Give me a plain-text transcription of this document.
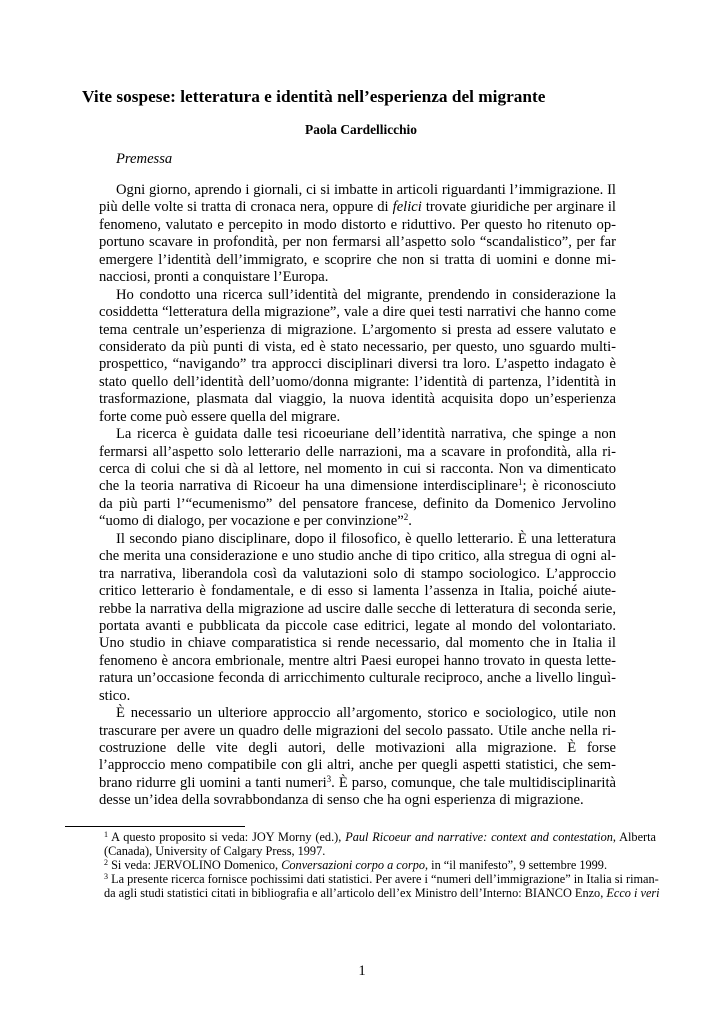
Vite sospese: letteratura e identità nell’esperienza del migrante
Paola Cardellicchio
Premessa
Ogni giorno, aprendo i giornali, ci si imbatte in articoli riguardanti l’immigrazione. Il
più delle volte si tratta di cronaca nera, oppure di felici trovate giuridiche per arginare il
fenomeno, valutato e percepito in modo distorto e riduttivo. Per questo ho ritenuto op-
portuno scavare in profondità, per non fermarsi all’aspetto solo “scandalistico”, per far
emergere l’identità dell’immigrato, e scoprire che non si tratta di uomini e donne mi-
nacciosi, pronti a conquistare l’Europa.
Ho condotto una ricerca sull’identità del migrante, prendendo in considerazione la
cosiddetta “letteratura della migrazione”, vale a dire quei testi narrativi che hanno come
tema centrale un’esperienza di migrazione. L’argomento si presta ad essere valutato e
considerato da più punti di vista, ed è stato necessario, per questo, uno sguardo multi-
prospettico, “navigando” tra approcci disciplinari diversi tra loro. L’aspetto indagato è
stato quello dell’identità dell’uomo/donna migrante: l’identità di partenza, l’identità in
trasformazione, plasmata dal viaggio, la nuova identità acquisita dopo un’esperienza
forte come può essere quella del migrare.
La ricerca è guidata dalle tesi ricoeuriane dell’identità narrativa, che spinge a non
fermarsi all’aspetto solo letterario delle narrazioni, ma a scavare in profondità, alla ri-
cerca di colui che si dà al lettore, nel momento in cui si racconta. Non va dimenticato
che la teoria narrativa di Ricoeur ha una dimensione interdisciplinare$^1$; è riconosciuto
da più parti l’“ecumenismo” del pensatore francese, definito da Domenico Jervolino
“uomo di dialogo, per vocazione e per convinzione”$^2$.
Il secondo piano disciplinare, dopo il filosofico, è quello letterario. È una letteratura
che merita una considerazione e uno studio anche di tipo critico, alla stregua di ogni al-
tra narrativa, liberandola così da valutazioni solo di stampo sociologico. L’approccio
critico letterario è fondamentale, e di esso si lamenta l’assenza in Italia, poiché aiute-
rebbe la narrativa della migrazione ad uscire dalle secche di letteratura di seconda serie,
portata avanti e pubblicata da piccole case editrici, legate al mondo del volontariato.
Uno studio in chiave comparatistica si rende necessario, dal momento che in Italia il
fenomeno è ancora embrionale, mentre altri Paesi europei hanno trovato in questa lette-
ratura un’occasione feconda di arricchimento culturale reciproco, anche a livello linguì-
stico.
È necessario un ulteriore approccio all’argomento, storico e sociologico, utile non
trascurare per avere un quadro delle migrazioni del secolo passato. Utile anche nella ri-
costruzione delle vite degli autori, delle motivazioni alla migrazione. È forse
l’approccio meno compatibile con gli altri, anche per quegli aspetti statistici, che sem-
brano ridurre gli uomini a tanti numeri$^3$. È parso, comunque, che tale multidisciplinarità
desse un’idea della sovrabbondanza di senso che ha ogni esperienza di migrazione.
$^1$ A questo proposito si veda: JOY Morny (ed.), Paul Ricoeur and narrative: context and contestation, Alberta
(Canada), University of Calgary Press, 1997.
$^2$ Si veda: JERVOLINO Domenico, Conversazioni corpo a corpo, in “il manifesto”, 9 settembre 1999.
$^3$ La presente ricerca fornisce pochissimi dati statistici. Per avere i “numeri dell’immigrazione” in Italia si riman-
da agli studi statistici citati in bibliografia e all’articolo dell’ex Ministro dell’Interno: BIANCO Enzo, Ecco i veri
1
